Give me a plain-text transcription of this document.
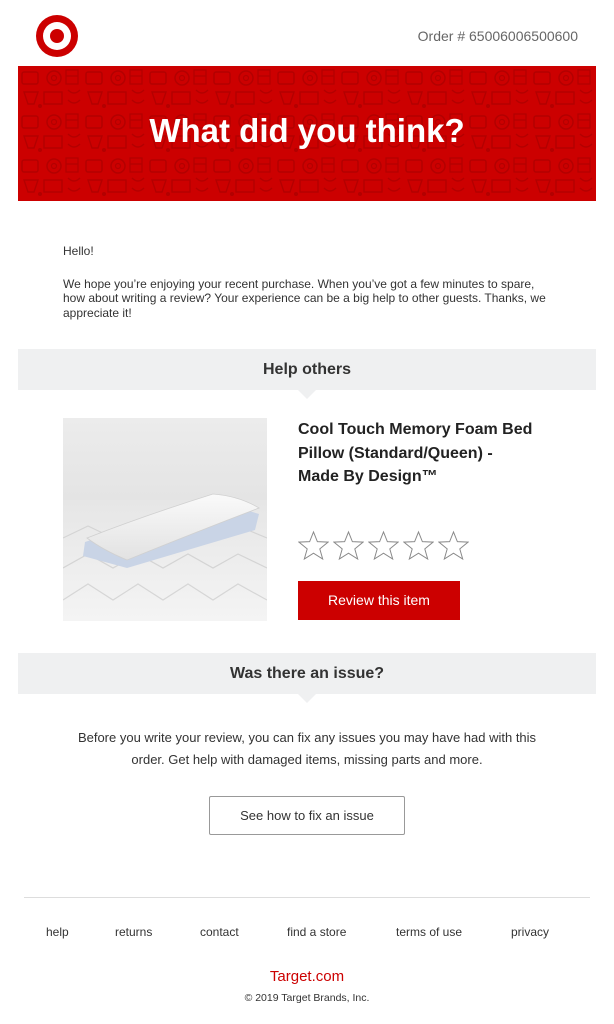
Order # 65006006500600
What did you think?

Hello!

We hope you’re enjoying your recent purchase. When you’ve got a few minutes to spare, how about writing a review? Your experience can be a big help to other guests. Thanks, we appreciate it!

Help others
Cool Touch Memory Foam Bed Pillow (Standard/Queen) - Made By Design™
Review this item
Was there an issue?
Before you write your review, you can fix any issues you may have had with this order. Get help with damaged items, missing parts and more.
See how to fix an issue
help	returns	contact	find a store	terms of use	privacy
Target.com
© 2019 Target Brands, Inc.
